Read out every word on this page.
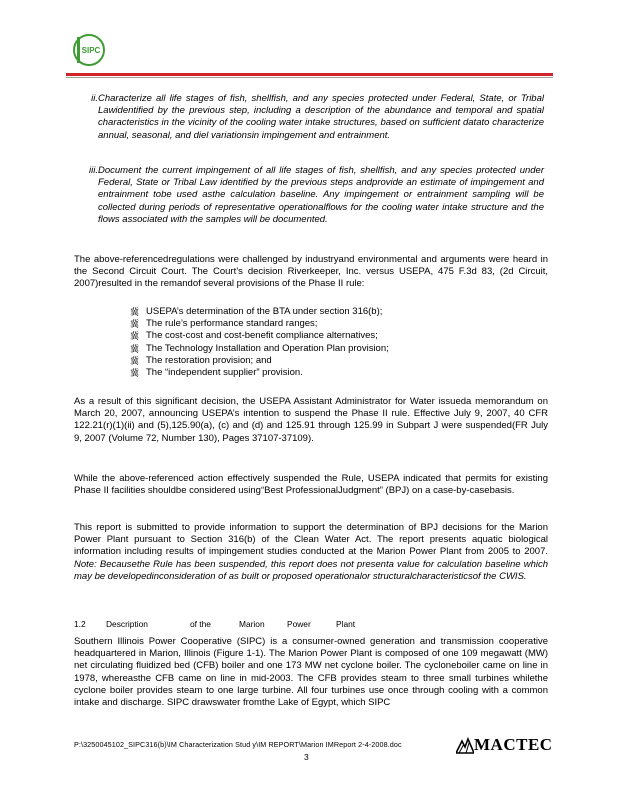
SIPC
ii. Characterize all life stages of fish, shellfish, and any species protected under Federal, State, or Tribal Lawidentified by the previous step, including a description of the abundance and temporal and spatial characteristics in the vicinity of the cooling water intake structures, based on sufficient datato characterize annual, seasonal, and diel variationsin impingement and entrainment.
iii. Document the current impingement of all life stages of fish, shellfish, and any species protected under Federal, State or Tribal Law identified by the previous steps andprovide an estimate of impingement and entrainment tobe used asthe calculation baseline. Any impingement or entrainment sampling will be collected during periods of representative operationalflows for the cooling water intake structure and the flows associated with the samples will be documented.
The above-referencedregulations were challenged by industryand environmental and arguments were heard in the Second Circuit Court. The Court’s decision Riverkeeper, Inc. versus USEPA, 475 F.3d 83, (2d Circuit, 2007)resulted in the remandof several provisions of the Phase II rule:
冀 USEPA’s determination of the BTA under section 316(b);
冀 The rule’s performance standard ranges;
冀 The cost-cost and cost-benefit compliance alternatives;
冀 The Technology Installation and Operation Plan provision;
冀 The restoration provision; and
冀 The “independent supplier” provision.
As a result of this significant decision, the USEPA Assistant Administrator for Water issueda memorandum on March 20, 2007, announcing USEPA’s intention to suspend the Phase II rule. Effective July 9, 2007, 40 CFR 122.21(r)(1)(ii) and (5),125.90(a), (c) and (d) and 125.91 through 125.99 in Subpart J were suspended(FR July 9, 2007 (Volume 72, Number 130), Pages 37107-37109).
While the above-referenced action effectively suspended the Rule, USEPA indicated that permits for existing Phase II facilities shouldbe considered using“Best ProfessionalJudgment” (BPJ) on a case-by-casebasis.
This report is submitted to provide information to support the determination of BPJ decisions for the Marion Power Plant pursuant to Section 316(b) of the Clean Water Act. The report presents aquatic biological information including results of impingement studies conducted at the Marion Power Plant from 2005 to 2007. Note: Becausethe Rule has been suspended, this report does not presenta value for calculation baseline which may be developedinconsideration of as built or proposed operationalor structuralcharacteristicsof the CWIS.
1.2 Description	of the	Marion	Power	Plant
Southern Illinois Power Cooperative (SIPC) is a consumer-owned generation and transmission cooperative headquartered in Marion, Illinois (Figure 1-1). The Marion Power Plant is composed of one 109 megawatt (MW) net circulating fluidized bed (CFB) boiler and one 173 MW net cyclone boiler. The cycloneboiler came on line in 1978, whereasthe CFB came on line in mid-2003. The CFB provides steam to three small turbines whilethe cyclone boiler provides steam to one large turbine. All four turbines use once through cooling with a common intake and discharge. SIPC drawswater fromthe Lake of Egypt, which SIPC
P:\3250045102_SIPC316(b)\IM Characterization Stud y\IM REPORT\Marion IMReport 2-4-2008.doc
3
MACTEC
